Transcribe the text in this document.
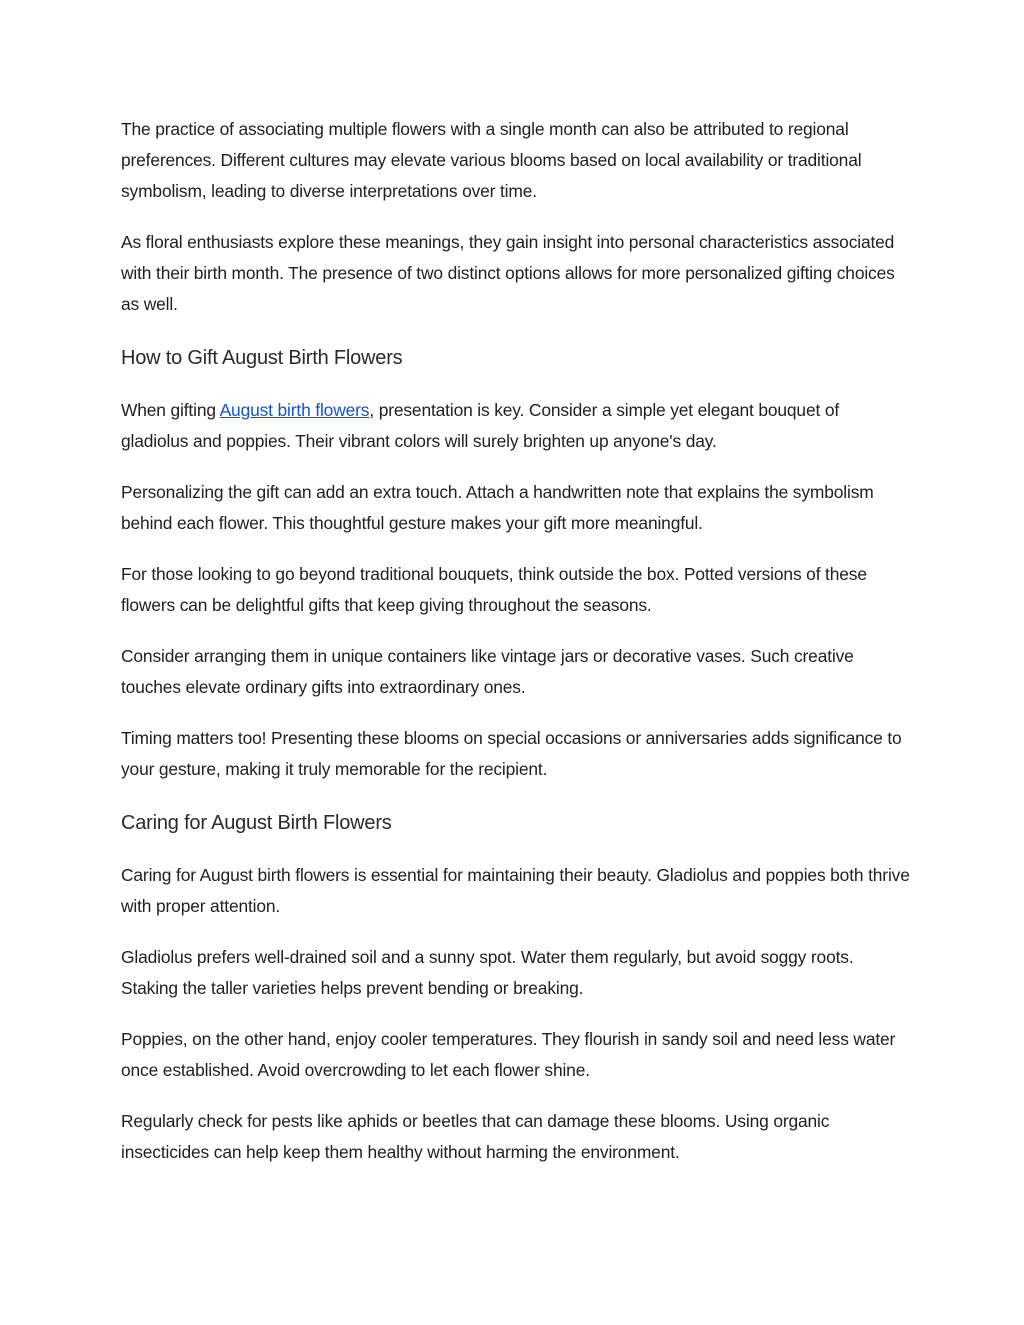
The practice of associating multiple flowers with a single month can also be attributed to regional preferences. Different cultures may elevate various blooms based on local availability or traditional symbolism, leading to diverse interpretations over time.

As floral enthusiasts explore these meanings, they gain insight into personal characteristics associated with their birth month. The presence of two distinct options allows for more personalized gifting choices as well.

How to Gift August Birth Flowers

When gifting August birth flowers, presentation is key. Consider a simple yet elegant bouquet of gladiolus and poppies. Their vibrant colors will surely brighten up anyone's day.

Personalizing the gift can add an extra touch. Attach a handwritten note that explains the symbolism behind each flower. This thoughtful gesture makes your gift more meaningful.

For those looking to go beyond traditional bouquets, think outside the box. Potted versions of these flowers can be delightful gifts that keep giving throughout the seasons.

Consider arranging them in unique containers like vintage jars or decorative vases. Such creative touches elevate ordinary gifts into extraordinary ones.

Timing matters too! Presenting these blooms on special occasions or anniversaries adds significance to your gesture, making it truly memorable for the recipient.

Caring for August Birth Flowers

Caring for August birth flowers is essential for maintaining their beauty. Gladiolus and poppies both thrive with proper attention.

Gladiolus prefers well-drained soil and a sunny spot. Water them regularly, but avoid soggy roots. Staking the taller varieties helps prevent bending or breaking.

Poppies, on the other hand, enjoy cooler temperatures. They flourish in sandy soil and need less water once established. Avoid overcrowding to let each flower shine.

Regularly check for pests like aphids or beetles that can damage these blooms. Using organic insecticides can help keep them healthy without harming the environment.
